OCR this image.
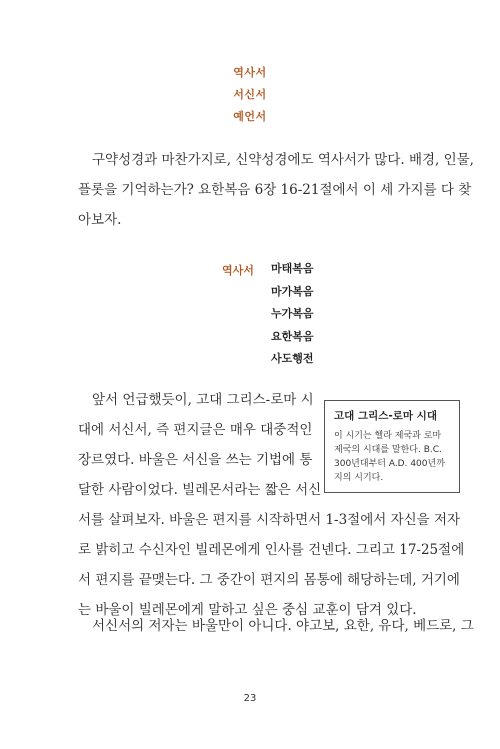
역사서
서신서
예언서
구약성경과 마찬가지로, 신약성경에도 역사서가 많다. 배경, 인물,
플롯을 기억하는가? 요한복음 6장 16-21절에서 이 세 가지를 다 찾
아보자.
역사서 마태복음
마가복음
누가복음
요한복음
사도행전
앞서 언급했듯이, 고대 그리스-로마 시
대에 서신서, 즉 편지글은 매우 대중적인
장르였다. 바울은 서신을 쓰는 기법에 통
달한 사람이었다. 빌레몬서라는 짧은 서신
고대 그리스-로마 시대
이 시기는 헬라 제국과 로마 제국의 시대를 말한다. B.C. 300년대부터 A.D. 400년까지의 시기다.
서를 살펴보자. 바울은 편지를 시작하면서 1-3절에서 자신을 저자
로 밝히고 수신자인 빌레몬에게 인사를 건넨다. 그리고 17-25절에
서 편지를 끝맺는다. 그 중간이 편지의 몸통에 해당하는데, 거기에
는 바울이 빌레몬에게 말하고 싶은 중심 교훈이 담겨 있다.
서신서의 저자는 바울만이 아니다. 야고보, 요한, 유다, 베드로, 그
23
